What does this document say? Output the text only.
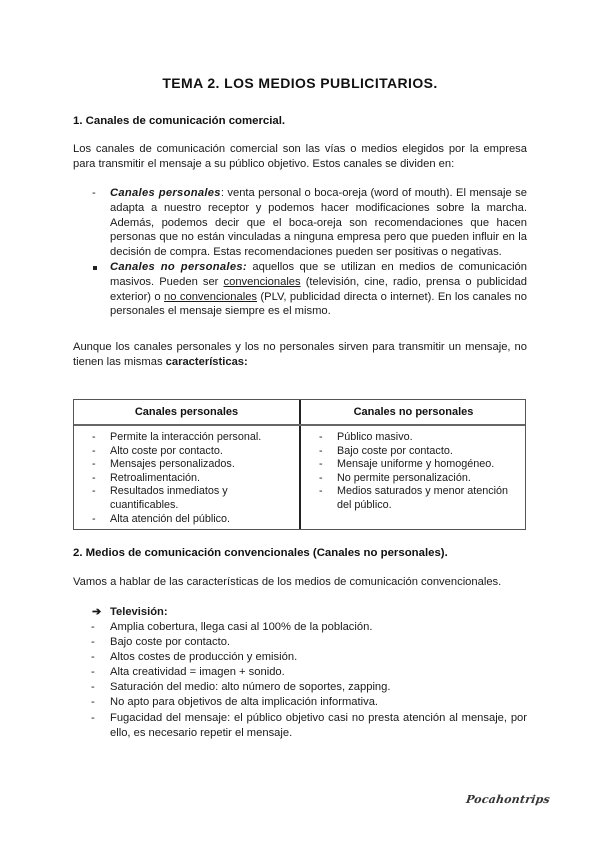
TEMA 2. LOS MEDIOS PUBLICITARIOS.
1. Canales de comunicación comercial.
Los canales de comunicación comercial son las vías o medios elegidos por la empresa para transmitir el mensaje a su público objetivo. Estos canales se dividen en:
- Canales personales: venta personal o boca-oreja (word of mouth). El mensaje se adapta a nuestro receptor y podemos hacer modificaciones sobre la marcha. Además, podemos decir que el boca-oreja son recomendaciones que hacen personas que no están vinculadas a ninguna empresa pero que pueden influir en la decisión de compra. Estas recomendaciones pueden ser positivas o negativas.
Canales no personales: aquellos que se utilizan en medios de comunicación masivos. Pueden ser convencionales (televisión, cine, radio, prensa o publicidad exterior) o no convencionales (PLV, publicidad directa o internet). En los canales no personales el mensaje siempre es el mismo.
Aunque los canales personales y los no personales sirven para transmitir un mensaje, no tienen las mismas características:
Canales personales	Canales no personales
- Permite la interacción personal.
- Alto coste por contacto.
- Mensajes personalizados.
- Retroalimentación.
- Resultados inmediatos y cuantificables.
- Alta atención del público.
- Público masivo.
- Bajo coste por contacto.
- Mensaje uniforme y homogéneo.
- No permite personalización.
- Medios saturados y menor atención del público.
2. Medios de comunicación convencionales (Canales no personales).
Vamos a hablar de las características de los medios de comunicación convencionales.
➔ Televisión:
- Amplia cobertura, llega casi al 100% de la población.
- Bajo coste por contacto.
- Altos costes de producción y emisión.
- Alta creatividad = imagen + sonido.
- Saturación del medio: alto número de soportes, zapping.
- No apto para objetivos de alta implicación informativa.
- Fugacidad del mensaje: el público objetivo casi no presta atención al mensaje, por ello, es necesario repetir el mensaje.
Pocahontrips
